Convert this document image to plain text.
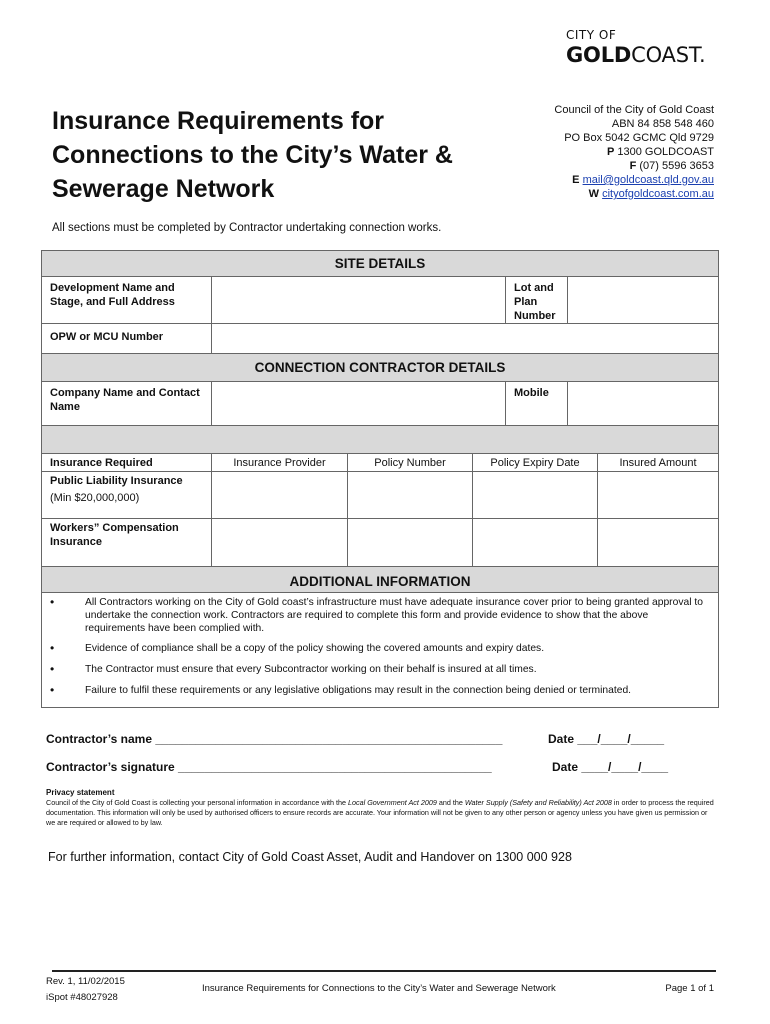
CITY OF
GOLDCOAST.
Insurance Requirements for
Connections to the City’s Water &
Sewerage Network
Council of the City of Gold Coast
ABN 84 858 548 460
PO Box 5042 GCMC Qld 9729
P 1300 GOLDCOAST
F (07) 5596 3653
E mail@goldcoast.qld.gov.au
W cityofgoldcoast.com.au
All sections must be completed by Contractor undertaking connection works.
SITE DETAILS
Development Name and Stage, and Full Address
Lot and Plan Number
OPW or MCU Number
CONNECTION CONTRACTOR DETAILS
Company Name and Contact Name
Mobile
Insurance Required	Insurance Provider	Policy Number	Policy Expiry Date	Insured Amount
Public Liability Insurance
(Min $20,000,000)
Workers” Compensation Insurance
ADDITIONAL INFORMATION
•	All Contractors working on the City of Gold coast’s infrastructure must have adequate insurance cover prior to being granted approval to undertake the connection work. Contractors are required to complete this form and provide evidence to show that the above requirements have been complied with.
•	Evidence of compliance shall be a copy of the policy showing the covered amounts and expiry dates.
•	The Contractor must ensure that every Subcontractor working on their behalf is insured at all times.
•	Failure to fulfil these requirements or any legislative obligations may result in the connection being denied or terminated.
Contractor’s name ____________________________________________________	Date ___/____/_____
Contractor’s signature _______________________________________________	Date ____/____/____
Privacy statement
Council of the City of Gold Coast is collecting your personal information in accordance with the Local Government Act 2009 and the Water Supply (Safety and Reliability) Act 2008 in order to process the required documentation. This information will only be used by authorised officers to ensure records are accurate. Your information will not be given to any other person or agency unless you have given us permission or we are required or allowed to by law.
For further information, contact City of Gold Coast Asset, Audit and Handover on 1300 000 928
Rev. 1, 11/02/2015
iSpot #48027928
Insurance Requirements for Connections to the City’s Water and Sewerage Network	Page 1 of 1
